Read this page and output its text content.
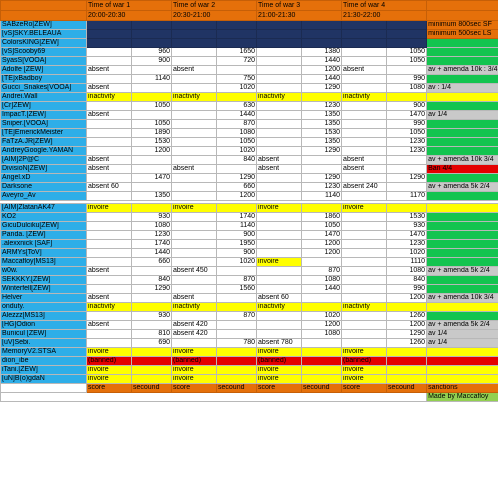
	Time of war 1		Time of war 2		Time of war 3		Time of war 4		
	20:00-20:30		20:30-21:00		21:00-21:30		21:30-22:00		
SABzeRo[ZEW]									minimum 800sec SF
[vS]SKY.BELEAUA									minimum 500sec LS
ColorsKING[ZEW]									
[vS]Scooby69		960		1650		1380		1050	
SyasS[VOOA]		900		720		1440		1050	
Adolfe [ZEW]	absent		absent			1200	absent		av + amenda 10k : 3/4
[TE]xBadboy		1140		750		1440		990	
Gucci_Snakes[VOOA]	absent			1020		1290		1080	av : 1/4
Andrei.Wall	inactivity		inactivity		inactivity		inactivity		
[Cr]ZEW]		1050		630		1230		900	
ImpacT.[ZEW]	absent			1440		1350		1470	av 1/4
Sniper.[VOOA]		1050		870		1350		990	
[TE]EmerickMeister		1890		1080		1530		1050	
FaTzA.JR[ZEW]		1530		1050		1350		1230	
AndreyGoogle.YAMAN		1200		1020		1290		1230	
[AIM]2P@C	absent			840	absent		absent		av + amenda 10k 3/4
DivisioN[ZEW]	absent		absent		absent		absent		Ban 4/4
Angel.xD		1470		1290		1290		1290	
Darksone	absent 60			660		1230	absent 240		av + amenda 5k 2/4
Aveyro_Av		1350		1200		1140		1170	

[AIM]ZlatanAK47	invoire		invoire		invoire		invoire		
KO2		930		1740		1860		1530	
GicuDulciku[ZEW]		1080		1140		1050		930	
Panda. [ZEW]		1230		900		1470		1470	
.alexxnick [SAF]		1740		1950		1200		1230	
ARMYs[ToV]		1440		900		1200		1020	
Maccafloy[MS13]		660		1020	invoire			1110	
w0w.	absent		absent 450			870		1080	av + amenda 5k 2/4
SEKKKY.[ZEW]		840		870		1080		840	
Winterfell[ZEW]		1290		1560		1440		990	
Helver	absent		absent		absent 60			1200	av + amenda 10k 3/4
onduty.	inactivity		inactivity		inactivity		inactivity		
Alezzz[MS13]		930		870		1020		1260	
[HG]Odion	absent		absent 420			1200		1200	av + amenda 5k 2/4
Bunicul [ZEW]		810	absent 420			1080		1290	av 1/4
[uV]Sebi.		690		780	absent 780			1260	av 1/4
MemoryV2.STSA	invoire		invoire		invoire		invoire		
dion_ibe	(banned)		(banned)		(banned)		(banned)		
iTani.[ZEW]	invoire		invoire		invoire		invoire		
[uN]B(o)gdaN	invoire		invoire		invoire		invoire		
	score	secound	score	secound	score	secound	score	secound	sanctions
									Made by Maccafloy
